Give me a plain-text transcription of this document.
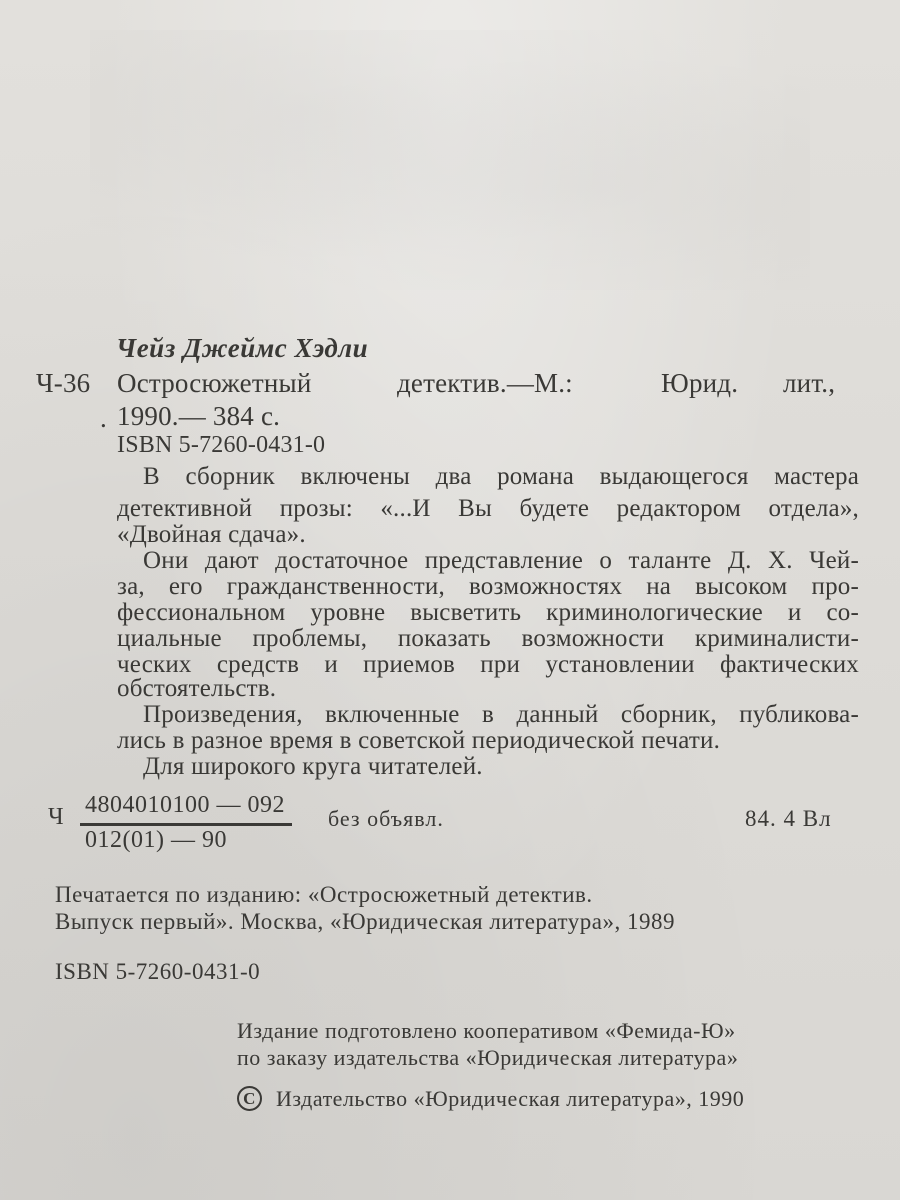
Чейз Джеймс Хэдли
Ч-36 Остросюжетный	детектив.—М.:	Юрид. лит.,
. 1990.— 384 с.
ISBN 5-7260-0431-0
В сборник включены два романа выдающегося мастера
детективной прозы: «...И Вы будете редактором отдела»,
«Двойная сдача».
Они дают достаточное представление о таланте Д. Х. Чей-
за, его гражданственности, возможностях на высоком про-
фессиональном уровне высветить криминологические и со-
циальные проблемы, показать возможности криминалисти-
ческих средств и приемов при установлении фактических
обстоятельств.
Произведения, включенные в данный сборник, публикова-
лись в разное время в советской периодической печати.
Для широкого круга читателей.
Ч 4804010100 — 092
012(01) — 90
без объявл.	84. 4 Вл
Печатается по изданию: «Остросюжетный детектив.
Выпуск первый». Москва, «Юридическая литература», 1989
ISBN 5-7260-0431-0
Издание подготовлено кооперативом «Фемида-Ю»
по заказу издательства «Юридическая литература»
C Издательство «Юридическая литература», 1990
